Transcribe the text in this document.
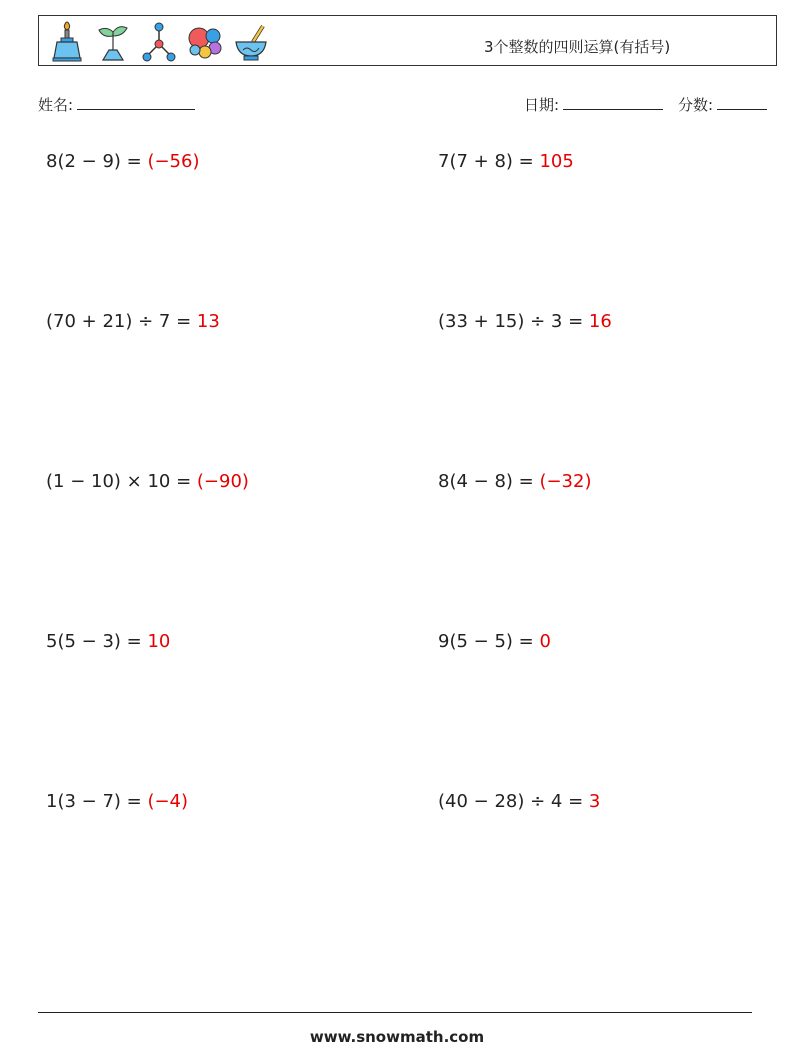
3个整数的四则运算(有括号)
姓名:	日期:	分数:
8(2 − 9) = (−56)	7(7 + 8) = 105
(70 + 21) ÷ 7 = 13	(33 + 15) ÷ 3 = 16
(1 − 10) × 10 = (−90)	8(4 − 8) = (−32)
5(5 − 3) = 10	9(5 − 5) = 0
1(3 − 7) = (−4)	(40 − 28) ÷ 4 = 3
www.snowmath.com
